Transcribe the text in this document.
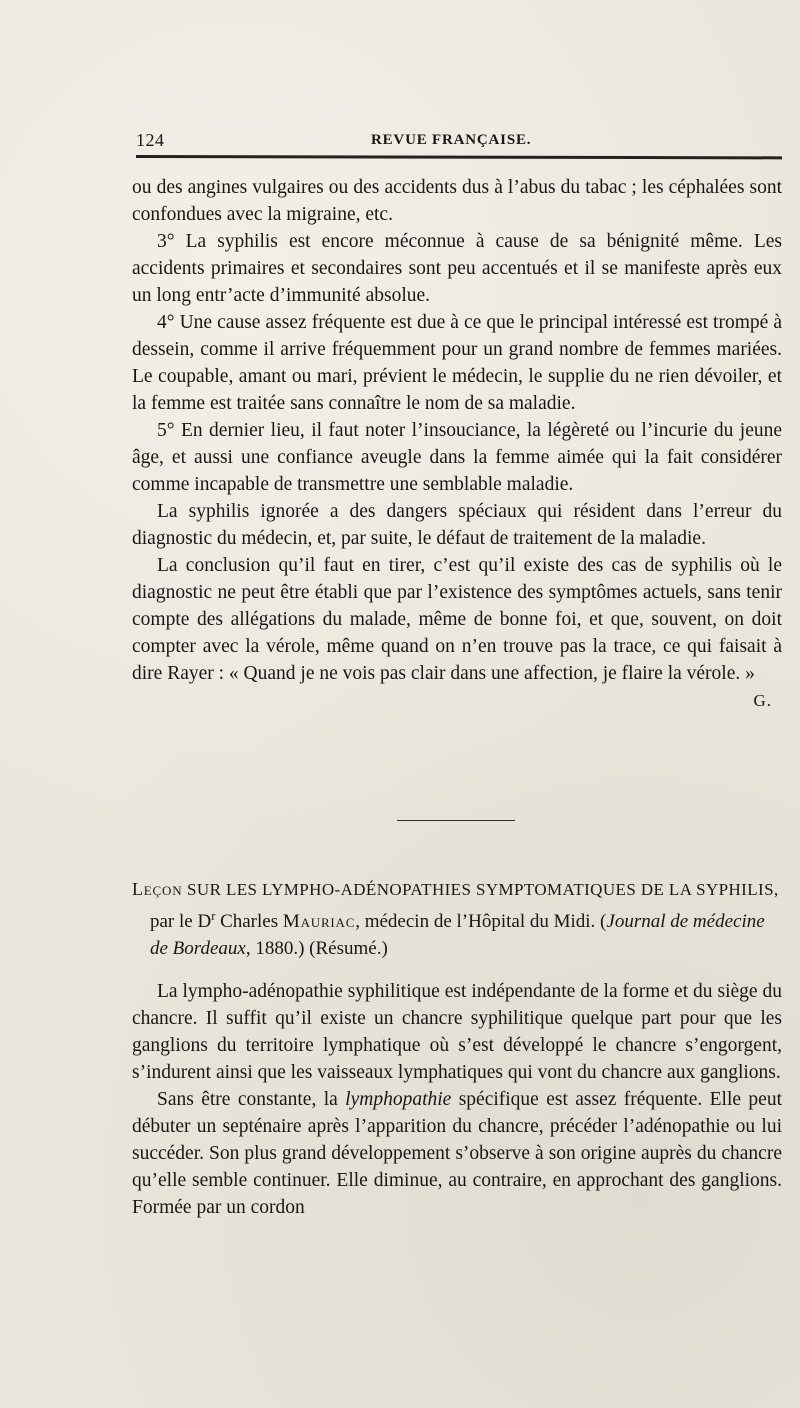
124	REVUE FRANÇAISE.

ou des angines vulgaires ou des accidents dus à l’abus du tabac ; les céphalées sont confondues avec la migraine, etc.

3° La syphilis est encore méconnue à cause de sa bénignité même. Les accidents primaires et secondaires sont peu accentués et il se manifeste après eux un long entr’acte d’immunité absolue.

4° Une cause assez fréquente est due à ce que le principal intéressé est trompé à dessein, comme il arrive fréquemment pour un grand nombre de femmes mariées. Le coupable, amant ou mari, prévient le médecin, le supplie du ne rien dévoiler, et la femme est traitée sans connaître le nom de sa maladie.

5° En dernier lieu, il faut noter l’insouciance, la légèreté ou l’incurie du jeune âge, et aussi une confiance aveugle dans la femme aimée qui la fait considérer comme incapable de transmettre une semblable maladie.

La syphilis ignorée a des dangers spéciaux qui résident dans l’erreur du diagnostic du médecin, et, par suite, le défaut de traitement de la maladie.

La conclusion qu’il faut en tirer, c’est qu’il existe des cas de syphilis où le diagnostic ne peut être établi que par l’existence des symptômes actuels, sans tenir compte des allégations du malade, même de bonne foi, et que, souvent, on doit compter avec la vérole, même quand on n’en trouve pas la trace, ce qui faisait à dire Rayer : « Quand je ne vois pas clair dans une affection, je flaire la vérole. »
G.

Leçon SUR LES LYMPHO-ADÉNOPATHIES SYMPTOMATIQUES DE LA SYPHILIS,
par le $D^r$ Charles Mauriac, médecin de l’Hôpital du Midi. (Journal de médecine de Bordeaux, 1880.) (Résumé.)

La lympho-adénopathie syphilitique est indépendante de la forme et du siège du chancre. Il suffit qu’il existe un chancre syphilitique quelque part pour que les ganglions du territoire lymphatique où s’est développé le chancre s’engorgent, s’indurent ainsi que les vaisseaux lymphatiques qui vont du chancre aux ganglions.

Sans être constante, la lymphopathie spécifique est assez fréquente. Elle peut débuter un septénaire après l’apparition du chancre, précéder l’adénopathie ou lui succéder. Son plus grand développement s’observe à son origine auprès du chancre qu’elle semble continuer. Elle diminue, au contraire, en approchant des ganglions. Formée par un cordon
